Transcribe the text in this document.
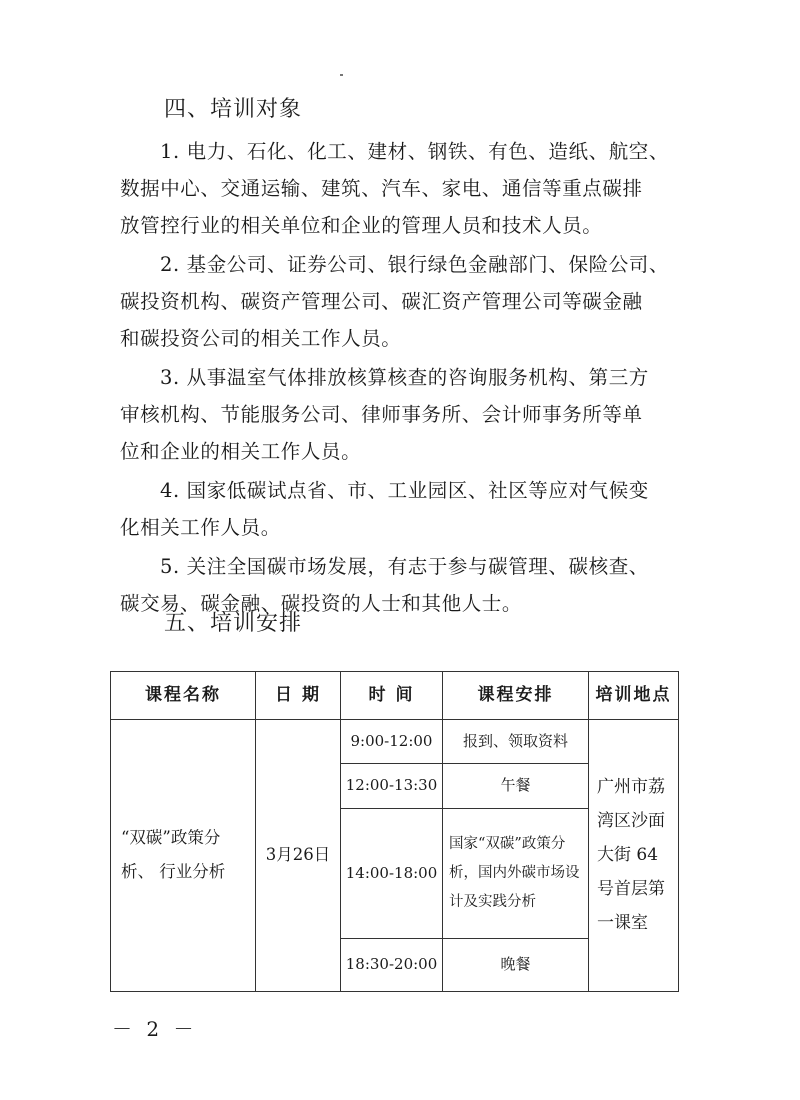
四、培训对象
1. 电力、石化、化工、建材、钢铁、有色、造纸、航空、
数据中心、交通运输、建筑、汽车、家电、通信等重点碳排
放管控行业的相关单位和企业的管理人员和技术人员。
2. 基金公司、证券公司、银行绿色金融部门、保险公司、
碳投资机构、碳资产管理公司、碳汇资产管理公司等碳金融
和碳投资公司的相关工作人员。
3. 从事温室气体排放核算核查的咨询服务机构、第三方
审核机构、节能服务公司、律师事务所、会计师事务所等单
位和企业的相关工作人员。
4. 国家低碳试点省、市、工业园区、社区等应对气候变
化相关工作人员。
5. 关注全国碳市场发展，有志于参与碳管理、碳核查、
碳交易、碳金融、碳投资的人士和其他人士。
五、培训安排
课程名称	日 期	时 间	课程安排	培训地点
“双碳”政策分析、 行业分析	3月26日	9:00-12:00	报到、领取资料	广州市荔湾区沙面大街 64号首层第一课室
		12:00-13:30	午餐	
		14:00-18:00	国家“双碳”政策分析，国内外碳市场设计及实践分析	
		18:30-20:00	晚餐	
－ 2 －
